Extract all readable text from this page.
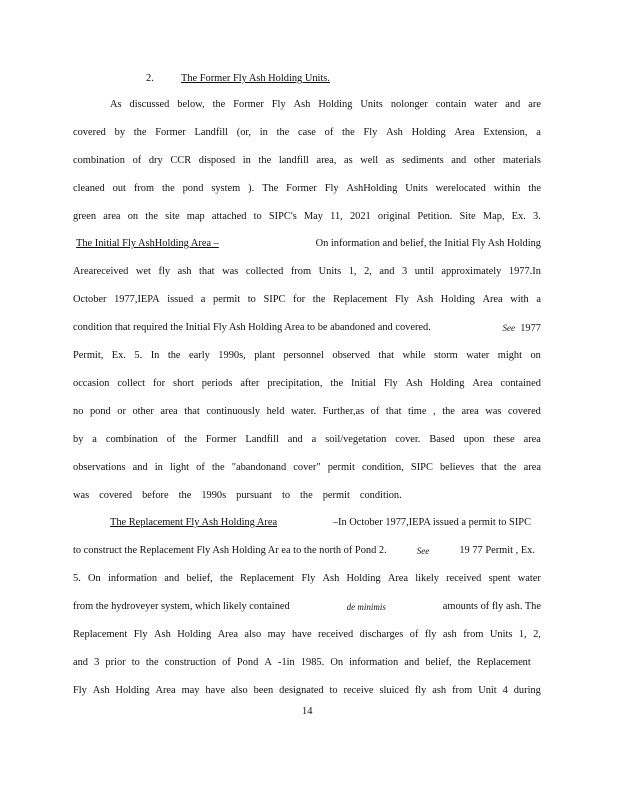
2.	The Former Fly Ash Holding Units.
As discussed below, the Former Fly Ash Holding Units nolonger contain water and are
covered by the Former Landfill (or, in the case of the Fly Ash Holding Area Extension, a
combination of dry CCR disposed in the landfill area, as well as sediments and other materials
cleaned out from the pond system ). The Former Fly AshHolding Units werelocated within the
green area on the site map attached to SIPC's May 11, 2021 original Petition. Site Map, Ex. 3.
The Initial Fly AshHolding Area –	On information and belief, the Initial Fly Ash Holding
Areareceived wet fly ash that was collected from Units 1, 2, and 3 until approximately 1977.In
October 1977,IEPA issued a permit to SIPC for the Replacement Fly Ash Holding Area with a
condition that required the Initial Fly Ash Holding Area to be abandoned and covered.	See 1977
Permit, Ex. 5. In the early 1990s, plant personnel observed that while storm water might on
occasion collect for short periods after precipitation, the Initial Fly Ash Holding Area contained
no pond or other area that continuously held water. Further,as of that time , the area was covered
by a combination of the Former Landfill and a soil/vegetation cover. Based upon these area
observations and in light of the "abandonand cover" permit condition, SIPC believes that the area
was covered before the 1990s pursuant to the permit condition.
The Replacement Fly Ash Holding Area	–In October 1977,IEPA issued a permit to SIPC
to construct the Replacement Fly Ash Holding Ar ea to the north of Pond 2.	See	19 77 Permit , Ex.
5. On information and belief, the Replacement Fly Ash Holding Area likely received spent water
from the hydroveyer system, which likely contained	de minimis	amounts of fly ash. The
Replacement Fly Ash Holding Area also may have received discharges of fly ash from Units 1, 2,
and 3 prior to the construction of Pond A -1in 1985. On information and belief, the Replacement
Fly Ash Holding Area may have also been designated to receive sluiced fly ash from Unit 4 during
14
